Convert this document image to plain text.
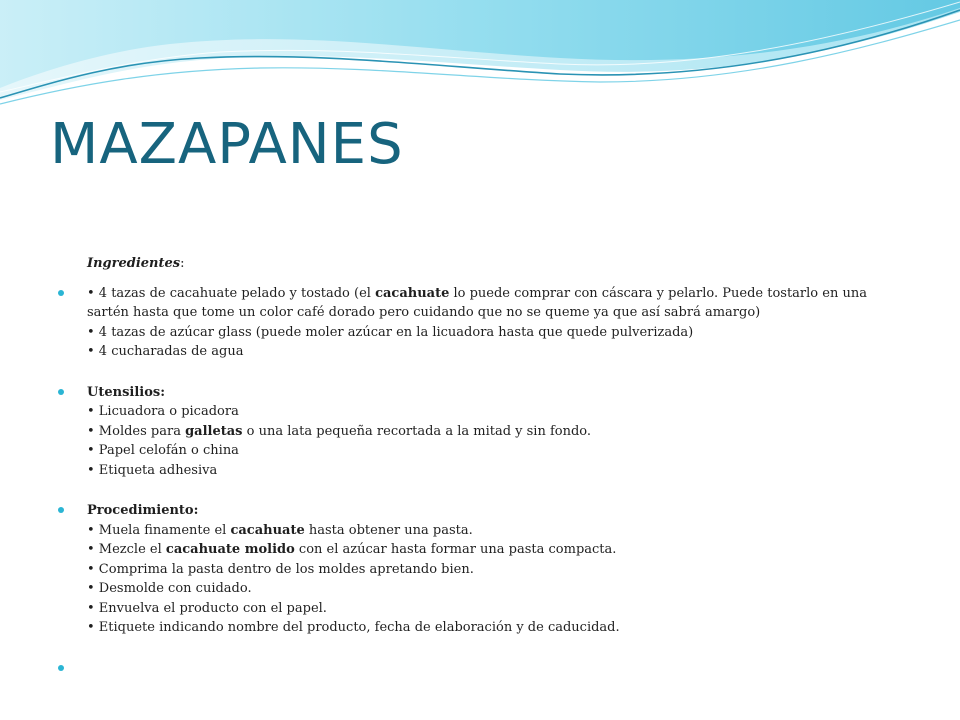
MAZAPANES
Ingredientes:
• 4 tazas de cacahuate pelado y tostado (el cacahuate lo puede comprar con cáscara y pelarlo. Puede tostarlo en una sartén hasta que tome un color café dorado pero cuidando que no se queme ya que así sabrá amargo)
• 4 tazas de azúcar glass (puede moler azúcar en la licuadora hasta que quede pulverizada)
• 4 cucharadas de agua
Utensilios:
• Licuadora o picadora
• Moldes para galletas o una lata pequeña recortada a la mitad y sin fondo.
• Papel celofán o china
• Etiqueta adhesiva
Procedimiento:
• Muela finamente el cacahuate hasta obtener una pasta.
• Mezcle el cacahuate molido con el azúcar hasta formar una pasta compacta.
• Comprima la pasta dentro de los moldes apretando bien.
• Desmolde con cuidado.
• Envuelva el producto con el papel.
• Etiquete indicando nombre del producto, fecha de elaboración y de caducidad.
